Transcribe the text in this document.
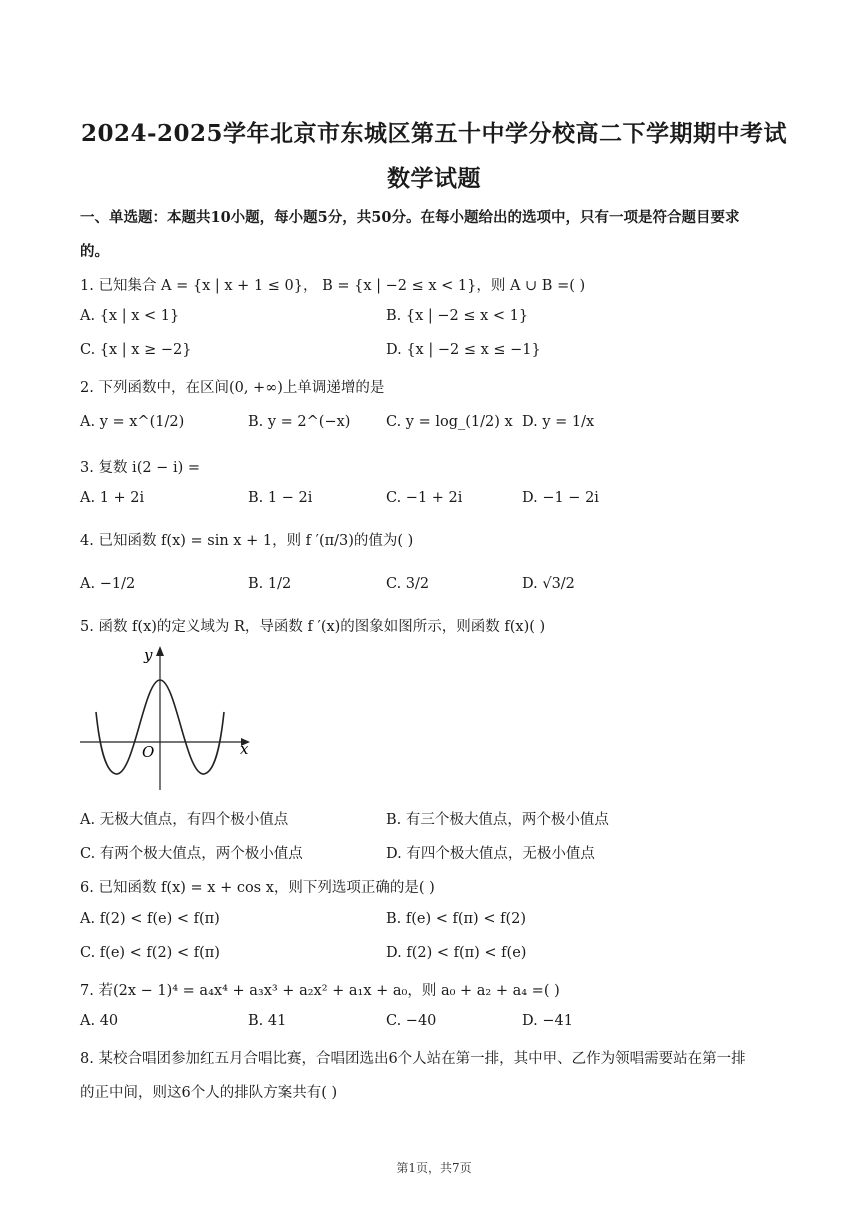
2024-2025学年北京市东城区第五十中学分校高二下学期期中考试
数学试题
一、单选题：本题共10小题，每小题5分，共50分。在每小题给出的选项中，只有一项是符合题目要求
的。
1. 已知集合 A = {x | x + 1 ≤ 0}， B = {x | −2 ≤ x < 1}，则 A ∪ B =( )
A. {x | x < 1}	B. {x | −2 ≤ x < 1}
C. {x | x ≥ −2}	D. {x | −2 ≤ x ≤ −1}
2. 下列函数中，在区间(0, +∞)上单调递增的是
A. y = x^(1/2)	B. y = 2^(−x) C. y = log_(1/2) x D. y = 1/x
3. 复数 i(2 − i) =
A. 1 + 2i	B. 1 − 2i	C. −1 + 2i	D. −1 − 2i
4. 已知函数 f(x) = sin x + 1，则 f ′(π/3)的值为( )
A. −1/2	B. 1/2	C. 3/2	D. √3/2
5. 函数 f(x)的定义域为 R，导函数 f ′(x)的图象如图所示，则函数 f(x)( )
y
x
O
A. 无极大值点，有四个极小值点	B. 有三个极大值点，两个极小值点
C. 有两个极大值点，两个极小值点	D. 有四个极大值点，无极小值点
6. 已知函数 f(x) = x + cos x，则下列选项正确的是( )
A. f(2) < f(e) < f(π)	B. f(e) < f(π) < f(2)
C. f(e) < f(2) < f(π)	D. f(2) < f(π) < f(e)
7. 若(2x − 1)⁴ = a₄x⁴ + a₃x³ + a₂x² + a₁x + a₀，则 a₀ + a₂ + a₄ =( )
A. 40	B. 41	C. −40	D. −41
8. 某校合唱团参加红五月合唱比赛，合唱团选出6个人站在第一排，其中甲、乙作为领唱需要站在第一排
的正中间，则这6个人的排队方案共有( )
第1页，共7页
